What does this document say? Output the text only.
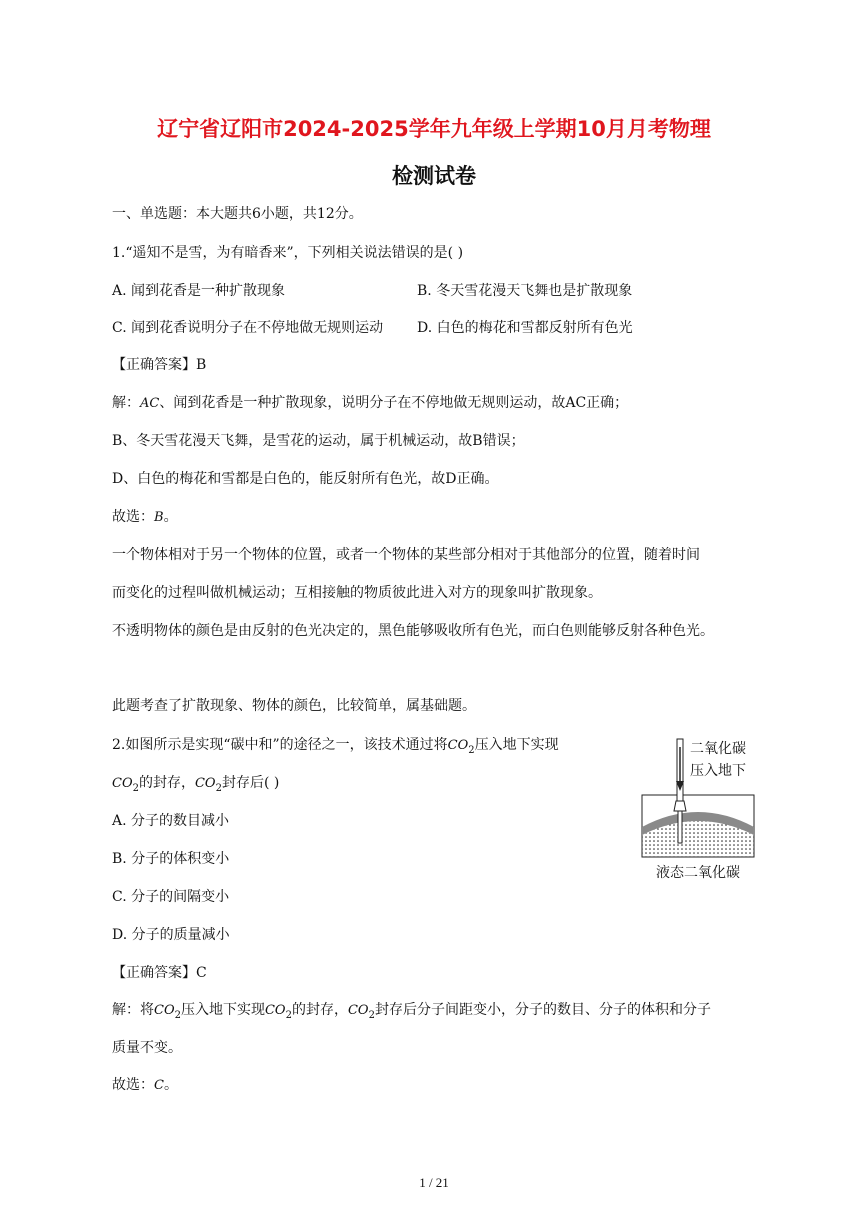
辽宁省辽阳市2024-2025学年九年级上学期10月月考物理
检测试卷
一、单选题：本大题共6小题，共12分。
1.“遥知不是雪，为有暗香来”，下列相关说法错误的是( )
A. 闻到花香是一种扩散现象	B. 冬天雪花漫天飞舞也是扩散现象
C. 闻到花香说明分子在不停地做无规则运动 D. 白色的梅花和雪都反射所有色光
【正确答案】B
解：AC、闻到花香是一种扩散现象，说明分子在不停地做无规则运动，故AC正确；
B、冬天雪花漫天飞舞，是雪花的运动，属于机械运动，故B错误；
D、白色的梅花和雪都是白色的，能反射所有色光，故D正确。
故选：B。
一个物体相对于另一个物体的位置，或者一个物体的某些部分相对于其他部分的位置，随着时间
而变化的过程叫做机械运动；互相接触的物质彼此进入对方的现象叫扩散现象。
不透明物体的颜色是由反射的色光决定的，黑色能够吸收所有色光，而白色则能够反射各种色光。
此题考查了扩散现象、物体的颜色，比较简单，属基础题。
2.如图所示是实现“碳中和”的途径之一，该技术通过将$CO_2$压入地下实现
$CO_2$的封存，$CO_2$封存后( )
A. 分子的数目减小
B. 分子的体积变小
C. 分子的间隔变小
D. 分子的质量减小
【正确答案】C
解：将$CO_2$压入地下实现$CO_2$的封存，$CO_2$封存后分子间距变小，分子的数目、分子的体积和分子
质量不变。
故选：C。
二氧化碳
压入地下
液态二氧化碳
1 / 21
